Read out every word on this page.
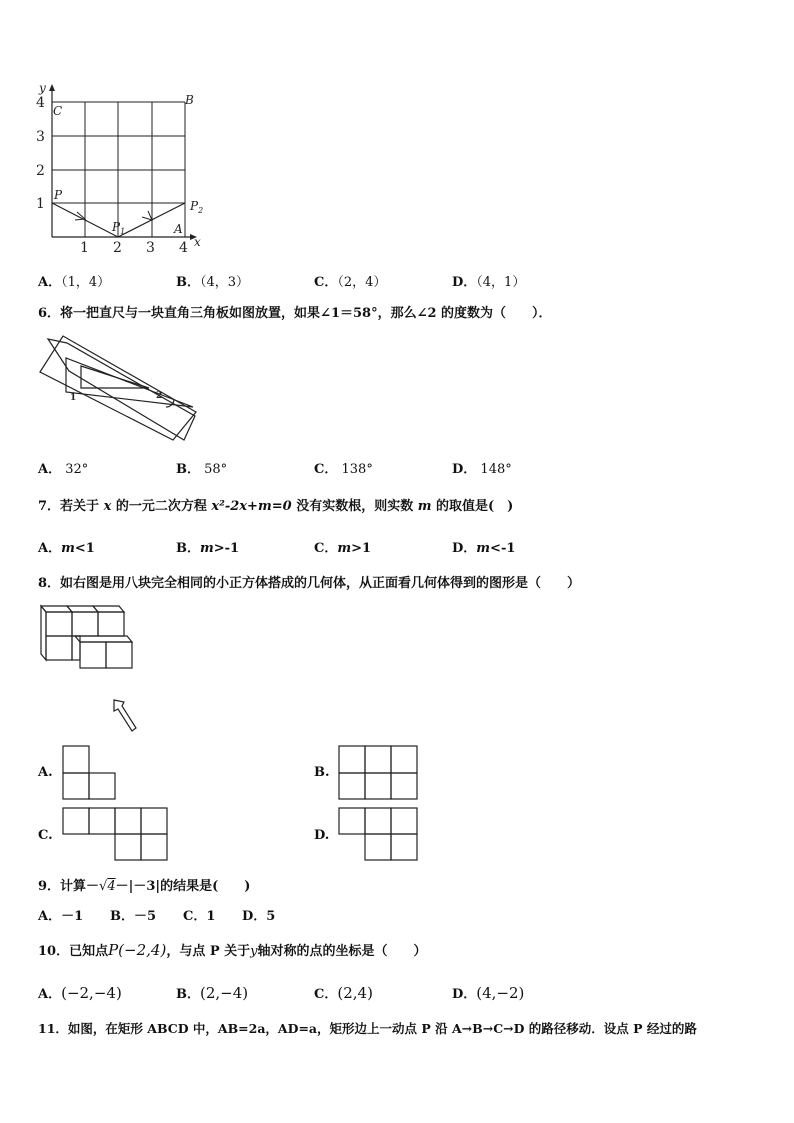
y
x
4
3
2
1
1 2 3 4
C
B
P
$P_1$
$P_2$
A
A．（1，4）	B．（4，3）	C．（2，4）	D．（4，1）
6．将一把直尺与一块直角三角板如图放置，如果∠1＝58°，那么∠2 的度数为（　　）．
1	2
A． 32°	B． 58°	C． 138°	D． 148°
7．若关于 x 的一元二次方程 x²-2x+m=0 没有实数根，则实数 m 的取值是(　)
A．m<1	B．m>-1	C．m>1	D．m<-1
8．如右图是用八块完全相同的小正方体搭成的几何体，从正面看几何体得到的图形是（　　）
A.	B.
C.	D.
9．计算－√4－|－3|的结果是(　　)
A．－1 B．－5 C．1 D．5
10．已知点P(−2,4)，与点 P 关于y轴对称的点的坐标是（　　）
A．(−2,−4)	B．(2,−4)	C．(2,4)	D．(4,−2)
11．如图，在矩形 ABCD 中，AB=2a，AD=a，矩形边上一动点 P 沿 A→B→C→D 的路径移动．设点 P 经过的路
